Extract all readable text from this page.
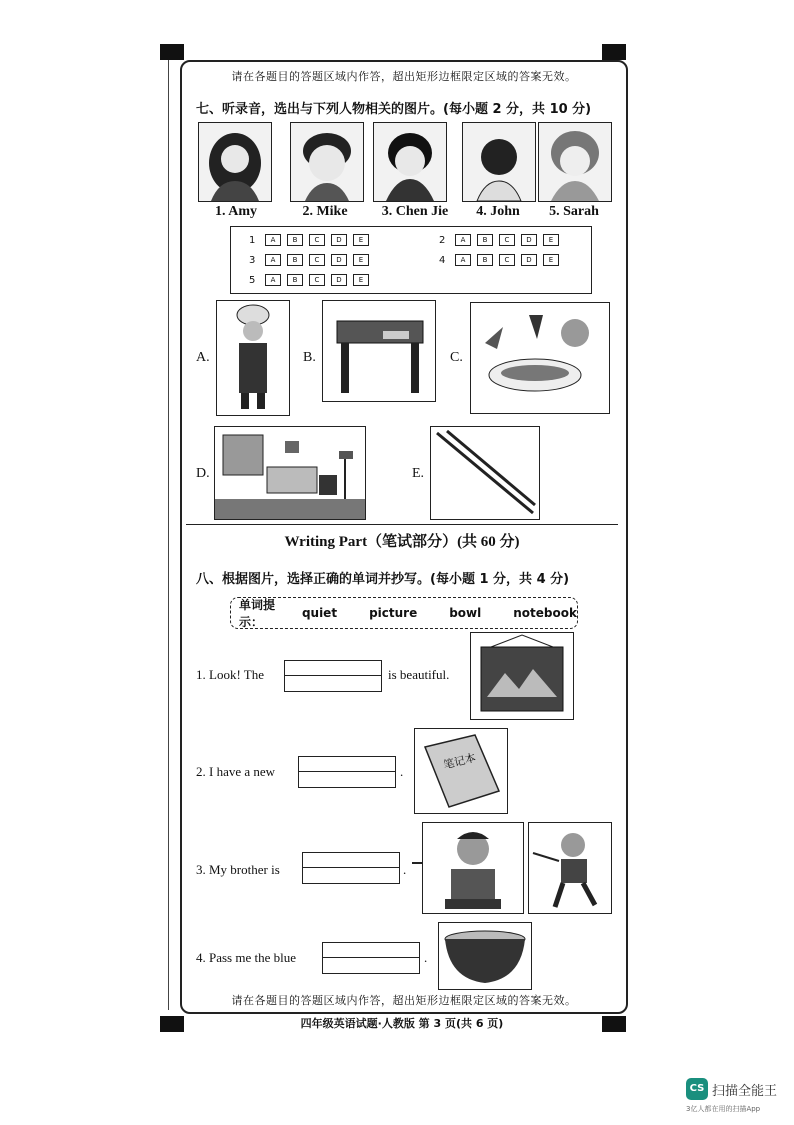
请在各题目的答题区域内作答，超出矩形边框限定区域的答案无效。
请在各题目的答题区域内作答，超出矩形边框限定区域的答案无效。
七、听录音，选出与下列人物相关的图片。(每小题 2 分，共 10 分)
1. Amy	2. Mike	3. Chen Jie	4. John	5. Sarah
1	A	B	C	D	E	2	A	B	C	D	E
3	A	B	C	D	E	4	A	B	C	D	E
5	A	B	C	D	E
A.	B.	C.
D.	E.
Writing Part（笔试部分）(共 60 分)
八、根据图片，选择正确的单词并抄写。(每小题 1 分，共 4 分)
单词提示：
quiet	picture	bowl	notebook
1. Look! The	is beautiful.
2. I have a new	.	笔记本
3. My brother is	.
4. Pass me the blue	.
四年级英语试题·人教版 第 3 页(共 6 页)
CS 扫描全能王
3亿人都在用的扫描App
